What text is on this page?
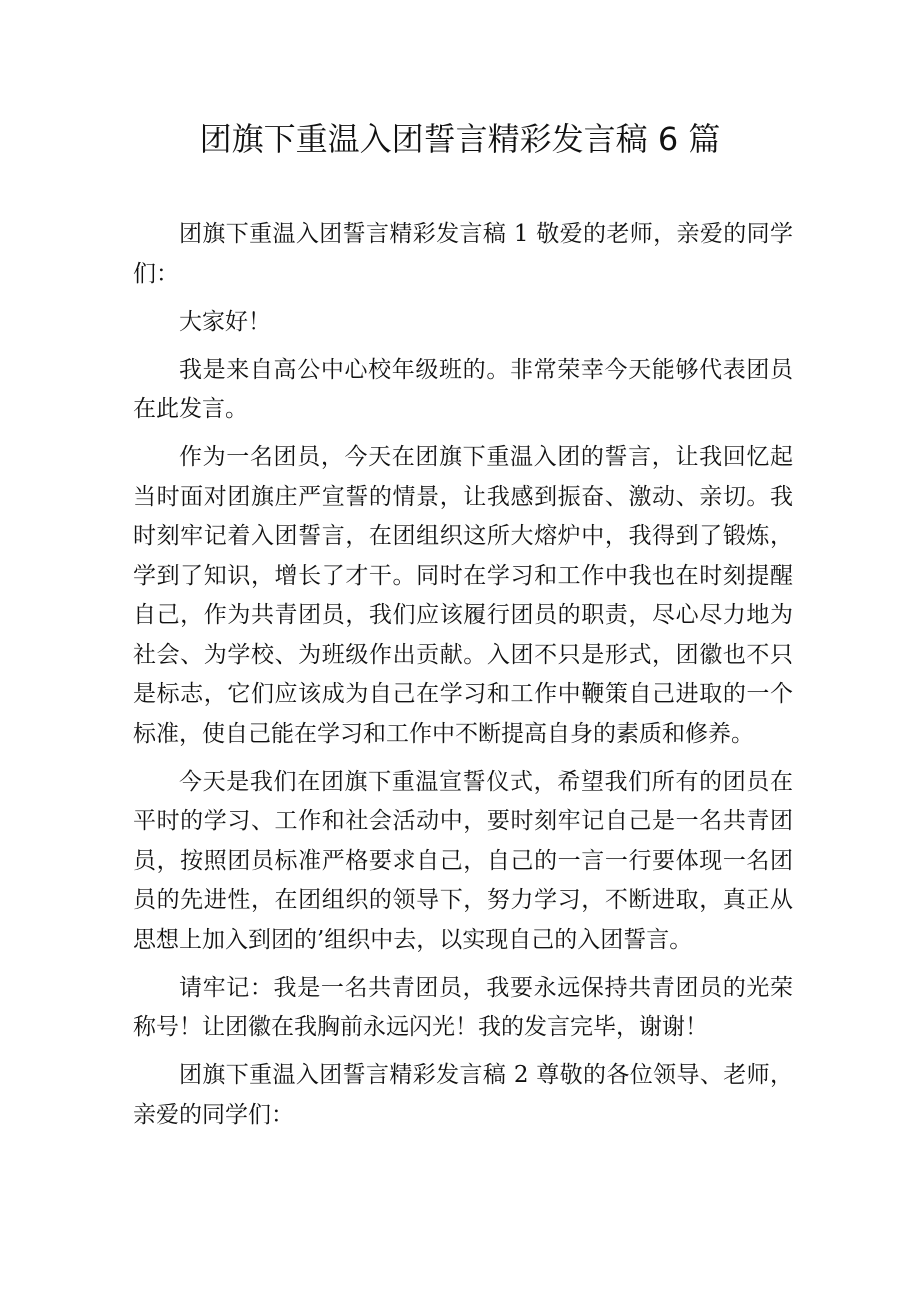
团旗下重温入团誓言精彩发言稿 6 篇

团旗下重温入团誓言精彩发言稿 1 敬爱的老师，亲爱的同学们：

大家好！

我是来自高公中心校年级班的。非常荣幸今天能够代表团员在此发言。

作为一名团员，今天在团旗下重温入团的誓言，让我回忆起当时面对团旗庄严宣誓的情景，让我感到振奋、激动、亲切。我时刻牢记着入团誓言，在团组织这所大熔炉中，我得到了锻炼，学到了知识，增长了才干。同时在学习和工作中我也在时刻提醒自己，作为共青团员，我们应该履行团员的职责，尽心尽力地为社会、为学校、为班级作出贡献。入团不只是形式，团徽也不只是标志，它们应该成为自己在学习和工作中鞭策自己进取的一个标准，使自己能在学习和工作中不断提高自身的素质和修养。

今天是我们在团旗下重温宣誓仪式，希望我们所有的团员在平时的学习、工作和社会活动中，要时刻牢记自己是一名共青团员，按照团员标准严格要求自己，自己的一言一行要体现一名团员的先进性，在团组织的领导下，努力学习，不断进取，真正从思想上加入到团的’组织中去，以实现自己的入团誓言。

请牢记：我是一名共青团员，我要永远保持共青团员的光荣称号！让团徽在我胸前永远闪光！我的发言完毕，谢谢！

团旗下重温入团誓言精彩发言稿 2 尊敬的各位领导、老师，亲爱的同学们：
